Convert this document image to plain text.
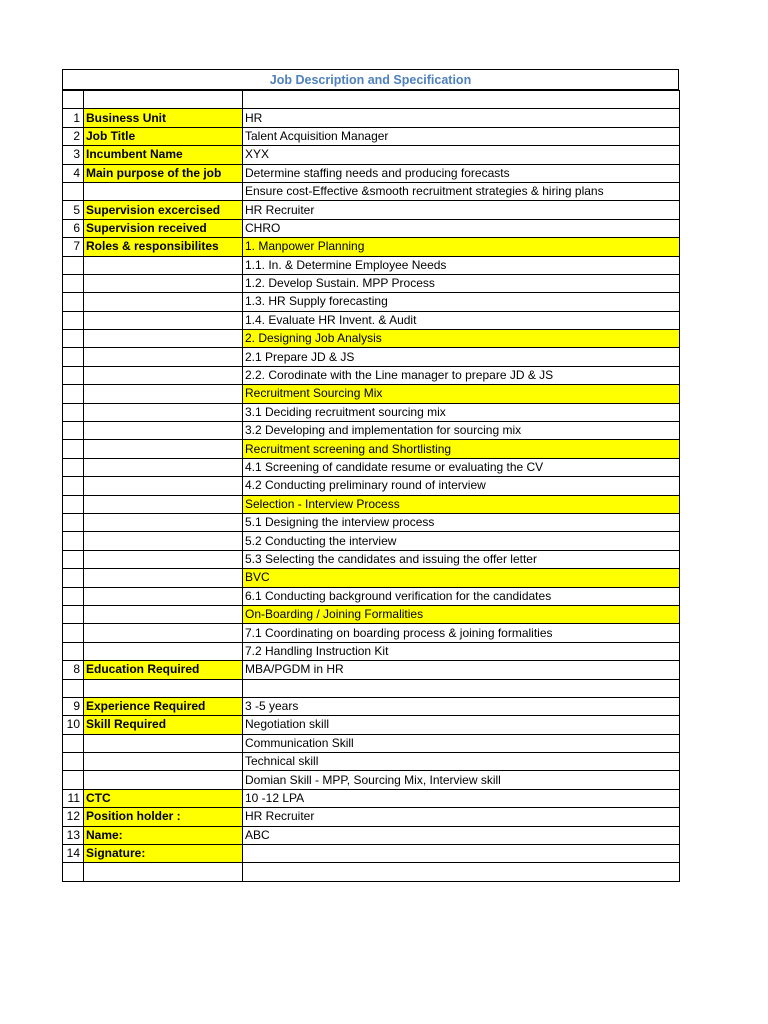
Job Description and Specification

1	Business Unit	HR
2	Job Title	Talent Acquisition Manager
3	Incumbent Name	XYX
4	Main purpose of the job	Determine staffing needs and producing forecasts
		Ensure cost-Effective &smooth recruitment strategies & hiring plans
5	Supervision excercised	HR Recruiter
6	Supervision received	CHRO
7	Roles & responsibilites	1. Manpower Planning
		1.1. In. & Determine Employee Needs
		1.2. Develop Sustain. MPP Process
		1.3. HR Supply forecasting
		1.4. Evaluate HR Invent. & Audit
		2. Designing Job Analysis
		2.1 Prepare JD & JS
		2.2. Corodinate with the Line manager to prepare JD & JS
		Recruitment Sourcing Mix
		3.1 Deciding recruitment sourcing mix
		3.2 Developing and implementation for sourcing mix
		Recruitment screening and Shortlisting
		4.1 Screening of candidate resume or evaluating the CV
		4.2 Conducting preliminary round of interview
		Selection - Interview Process
		5.1 Designing the interview process
		5.2 Conducting the interview
		5.3 Selecting the candidates and issuing the offer letter
		BVC
		6.1 Conducting background verification for the candidates
		On-Boarding / Joining Formalities
		7.1 Coordinating on boarding process & joining formalities
		7.2 Handling Instruction Kit
8	Education Required	MBA/PGDM in HR

9	Experience Required	3 -5 years
10	Skill Required	Negotiation skill
		Communication Skill
		Technical skill
		Domian Skill - MPP, Sourcing Mix, Interview skill
11	CTC	10 -12 LPA
12	Position holder :	HR Recruiter
13	Name:	ABC
14	Signature:	
